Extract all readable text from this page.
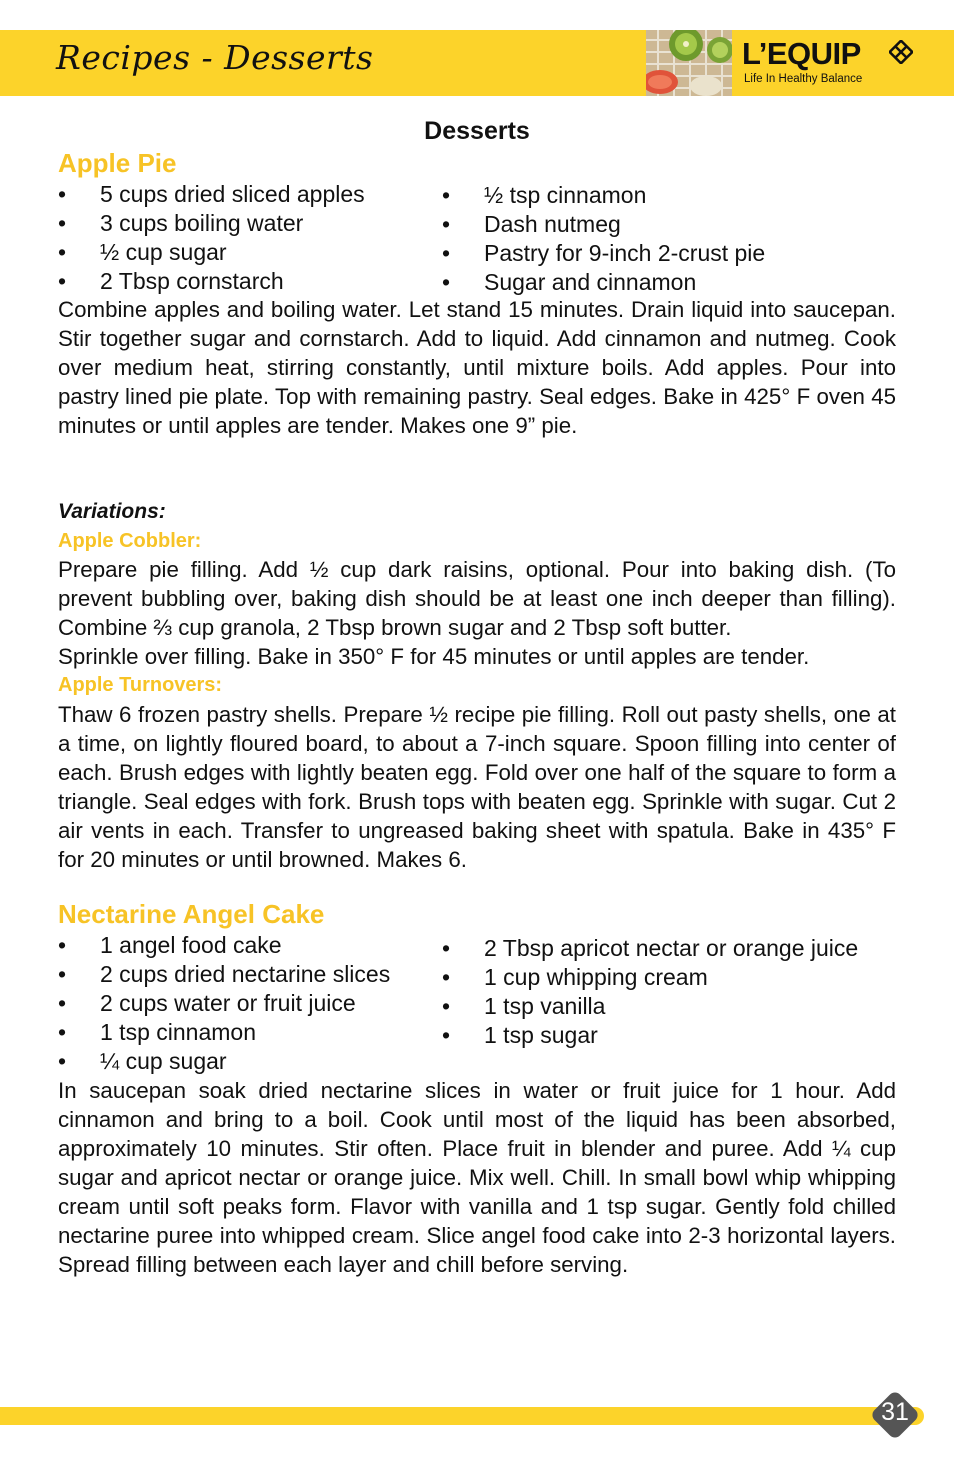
Recipes - Desserts	L’EQUIP
Life In Healthy Balance
Desserts
Apple Pie
• 5 cups dried sliced apples
• 3 cups boiling water
• ½ cup sugar
• 2 Tbsp cornstarch
• ½ tsp cinnamon
• Dash nutmeg
• Pastry for 9-inch 2-crust pie
• Sugar and cinnamon

Combine apples and boiling water. Let stand 15 minutes. Drain liquid into saucepan. Stir together sugar and cornstarch. Add to liquid. Add cinnamon and nutmeg. Cook over medium heat, stirring constantly, until mixture boils. Add apples. Pour into pastry lined pie plate. Top with remaining pastry. Seal edges. Bake in 425° F oven 45 minutes or until apples are tender. Makes one 9” pie.

Variations:
Apple Cobbler:

Prepare pie filling. Add ½ cup dark raisins, optional. Pour into baking dish. (To prevent bubbling over, baking dish should be at least one inch deeper than filling). Combine ⅔ cup granola, 2 Tbsp brown sugar and 2 Tbsp soft butter.

Sprinkle over filling. Bake in 350° F for 45 minutes or until apples are tender.

Apple Turnovers:

Thaw 6 frozen pastry shells. Prepare ½ recipe pie filling. Roll out pasty shells, one at a time, on lightly floured board, to about a 7-inch square. Spoon filling into center of each. Brush edges with lightly beaten egg. Fold over one half of the square to form a triangle. Seal edges with fork. Brush tops with beaten egg. Sprinkle with sugar. Cut 2 air vents in each. Transfer to ungreased baking sheet with spatula. Bake in 435° F for 20 minutes or until browned. Makes 6.

Nectarine Angel Cake
• 1 angel food cake
• 2 cups dried nectarine slices
• 2 cups water or fruit juice
• 1 tsp cinnamon
• ¼ cup sugar
• 2 Tbsp apricot nectar or orange juice
• 1 cup whipping cream
• 1 tsp vanilla
• 1 tsp sugar

In saucepan soak dried nectarine slices in water or fruit juice for 1 hour. Add cinnamon and bring to a boil. Cook until most of the liquid has been absorbed, approximately 10 minutes. Stir often. Place fruit in blender and puree. Add ¼ cup sugar and apricot nectar or orange juice. Mix well. Chill. In small bowl whip whipping cream until soft peaks form. Flavor with vanilla and 1 tsp sugar. Gently fold chilled nectarine puree into whipped cream. Slice angel food cake into 2-3 horizontal layers. Spread filling between each layer and chill before serving.

31
